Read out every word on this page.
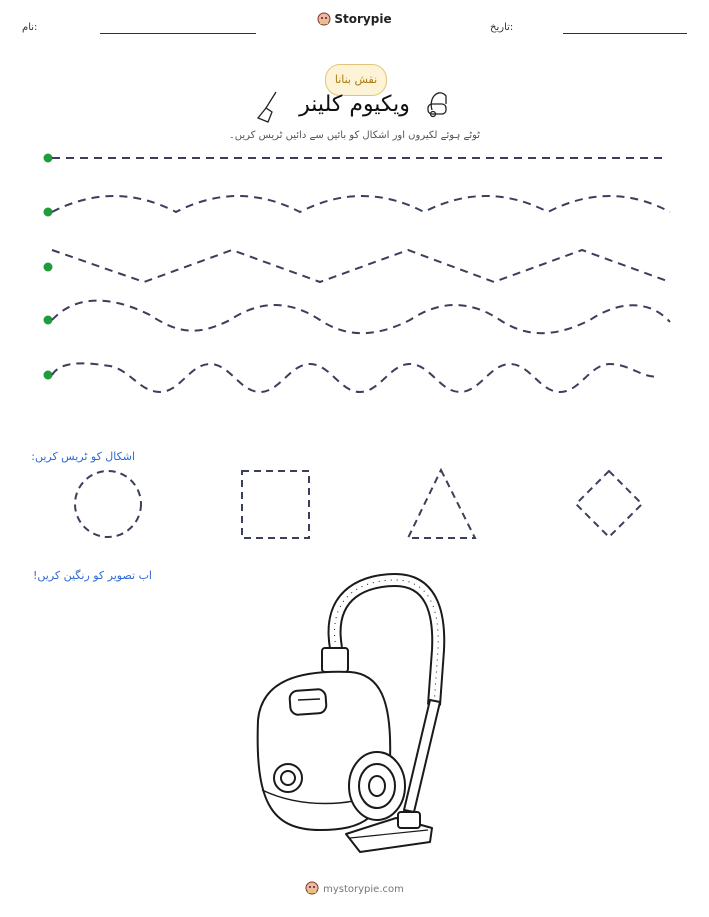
نام:
Storypie
تاریخ:
نقش بنانا
ویکیوم کلینر
ٹوٹے ہوئے لکیروں اور اشکال کو بائیں سے دائیں ٹریس کریں۔
اشکال کو ٹریس کریں:
اب تصویر کو رنگین کریں!
mystorypie.com
